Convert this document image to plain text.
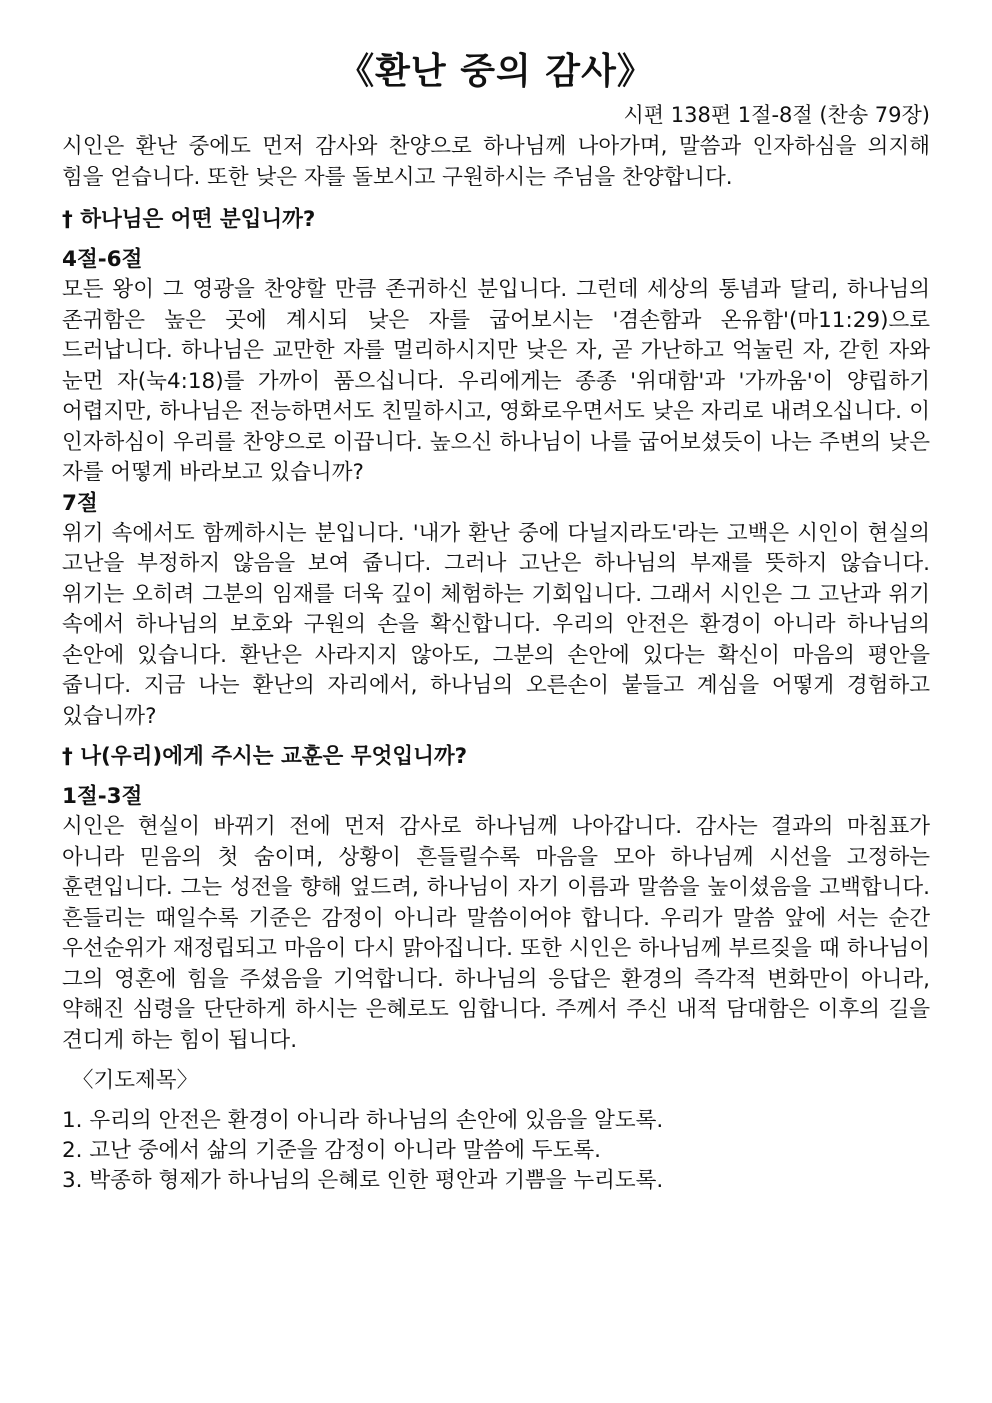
《환난 중의 감사》
시편 138편 1절-8절 (찬송 79장)

시인은 환난 중에도 먼저 감사와 찬양으로 하나님께 나아가며, 말씀과 인자하심을 의지해 힘을 얻습니다. 또한 낮은 자를 돌보시고 구원하시는 주님을 찬양합니다.

† 하나님은 어떤 분입니까?
4절-6절

모든 왕이 그 영광을 찬양할 만큼 존귀하신 분입니다. 그런데 세상의 통념과 달리, 하나님의 존귀함은 높은 곳에 계시되 낮은 자를 굽어보시는 '겸손함과 온유함'(마11:29)으로 드러납니다. 하나님은 교만한 자를 멀리하시지만 낮은 자, 곧 가난하고 억눌린 자, 갇힌 자와 눈먼 자(눅4:18)를 가까이 품으십니다. 우리에게는 종종 '위대함'과 '가까움'이 양립하기 어렵지만, 하나님은 전능하면서도 친밀하시고, 영화로우면서도 낮은 자리로 내려오십니다. 이 인자하심이 우리를 찬양으로 이끕니다. 높으신 하나님이 나를 굽어보셨듯이 나는 주변의 낮은 자를 어떻게 바라보고 있습니까?

7절

위기 속에서도 함께하시는 분입니다. '내가 환난 중에 다닐지라도'라는 고백은 시인이 현실의 고난을 부정하지 않음을 보여 줍니다. 그러나 고난은 하나님의 부재를 뜻하지 않습니다. 위기는 오히려 그분의 임재를 더욱 깊이 체험하는 기회입니다. 그래서 시인은 그 고난과 위기 속에서 하나님의 보호와 구원의 손을 확신합니다. 우리의 안전은 환경이 아니라 하나님의 손안에 있습니다. 환난은 사라지지 않아도, 그분의 손안에 있다는 확신이 마음의 평안을 줍니다. 지금 나는 환난의 자리에서, 하나님의 오른손이 붙들고 계심을 어떻게 경험하고 있습니까?

† 나(우리)에게 주시는 교훈은 무엇입니까?
1절-3절

시인은 현실이 바뀌기 전에 먼저 감사로 하나님께 나아갑니다. 감사는 결과의 마침표가 아니라 믿음의 첫 숨이며, 상황이 흔들릴수록 마음을 모아 하나님께 시선을 고정하는 훈련입니다. 그는 성전을 향해 엎드려, 하나님이 자기 이름과 말씀을 높이셨음을 고백합니다. 흔들리는 때일수록 기준은 감정이 아니라 말씀이어야 합니다. 우리가 말씀 앞에 서는 순간 우선순위가 재정립되고 마음이 다시 맑아집니다. 또한 시인은 하나님께 부르짖을 때 하나님이 그의 영혼에 힘을 주셨음을 기억합니다. 하나님의 응답은 환경의 즉각적 변화만이 아니라, 약해진 심령을 단단하게 하시는 은혜로도 임합니다. 주께서 주신 내적 담대함은 이후의 길을 견디게 하는 힘이 됩니다.

〈기도제목〉
1. 우리의 안전은 환경이 아니라 하나님의 손안에 있음을 알도록.
2. 고난 중에서 삶의 기준을 감정이 아니라 말씀에 두도록.
3. 박종하 형제가 하나님의 은혜로 인한 평안과 기쁨을 누리도록.
